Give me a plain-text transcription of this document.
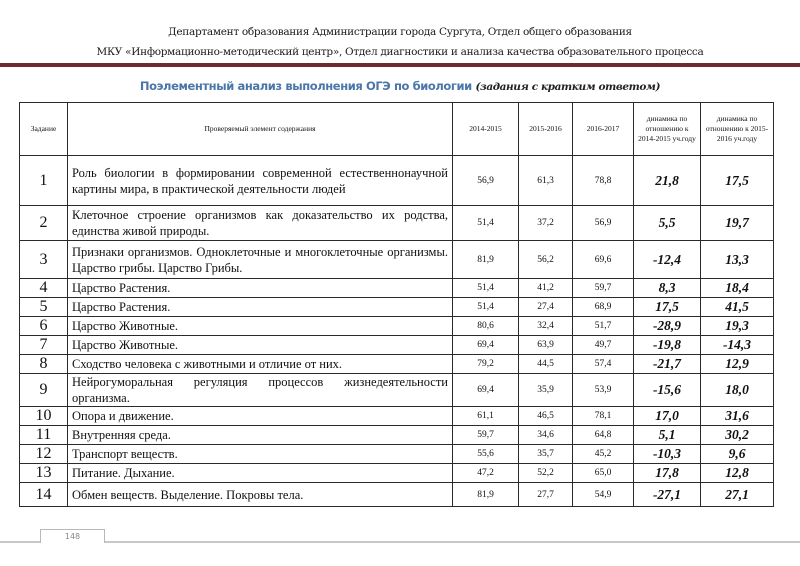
Департамент образования Администрации города Сургута, Отдел общего образования
МКУ «Информационно-методический центр», Отдел диагностики и анализа качества образовательного процесса
Поэлементный анализ выполнения ОГЭ по биологии (задания с кратким ответом)
Задание	Проверяемый элемент содержания	2014-2015	2015-2016	2016-2017	динамика по отношению к 2014-2015 уч.году	динамика по отношению к 2015-2016 уч.году
1	Роль биологии в формировании современной естественнонаучной картины мира, в практической деятельности людей	56,9	61,3	78,8	21,8	17,5
2	Клеточное строение организмов как доказательство их родства, единства живой природы.	51,4	37,2	56,9	5,5	19,7
3	Признаки организмов. Одноклеточные и многоклеточные организмы. Царство грибы. Царство Грибы.	81,9	56,2	69,6	-12,4	13,3
4	Царство Растения.	51,4	41,2	59,7	8,3	18,4
5	Царство Растения.	51,4	27,4	68,9	17,5	41,5
6	Царство Животные.	80,6	32,4	51,7	-28,9	19,3
7	Царство Животные.	69,4	63,9	49,7	-19,8	-14,3
8	Сходство человека с животными и отличие от них.	79,2	44,5	57,4	-21,7	12,9
9	Нейрогуморальная регуляция процессов жизнедеятельности организма.	69,4	35,9	53,9	-15,6	18,0
10	Опора и движение.	61,1	46,5	78,1	17,0	31,6
11	Внутренняя среда.	59,7	34,6	64,8	5,1	30,2
12	Транспорт веществ.	55,6	35,7	45,2	-10,3	9,6
13	Питание. Дыхание.	47,2	52,2	65,0	17,8	12,8
14	Обмен веществ. Выделение. Покровы тела.	81,9	27,7	54,9	-27,1	27,1
148
